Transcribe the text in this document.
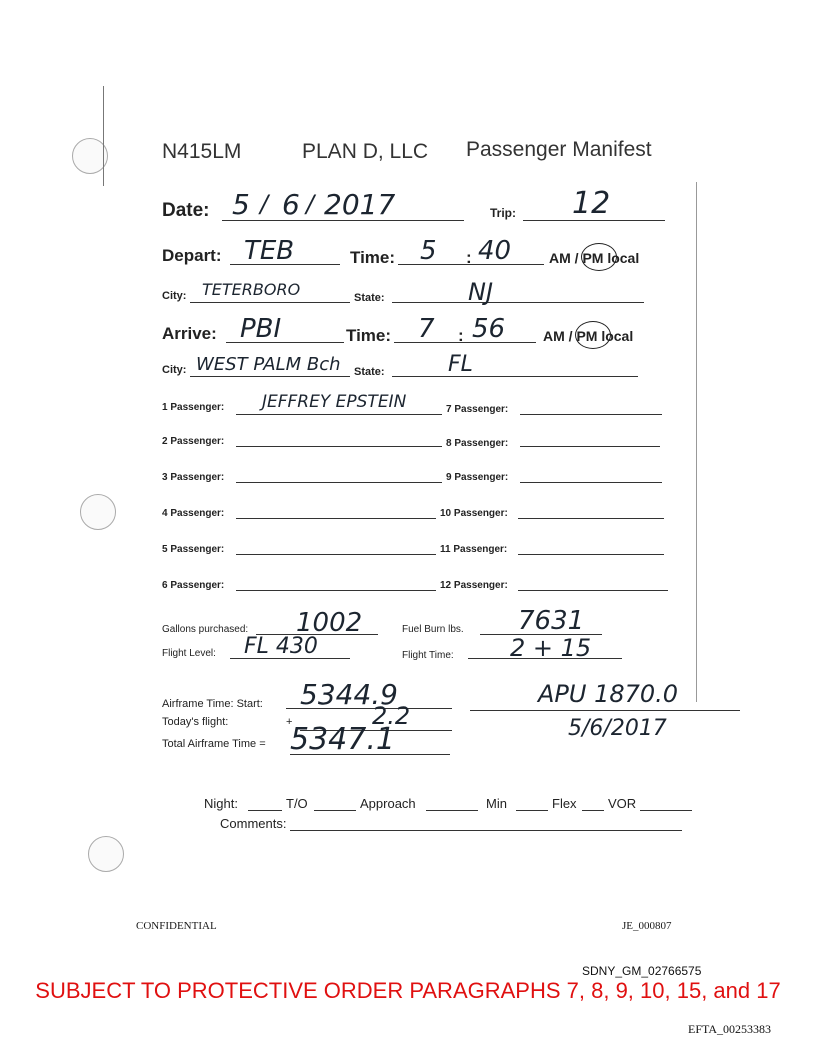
N415LM	PLAN D, LLC Passenger Manifest
Date: 5 / 6 / 2017	Trip: 12
Depart: TEB	Time: 5 : 40	AM / PM local
City: TETERBORO	State:	NJ
Arrive: PBI	Time: 7 : 56	AM / PM local
City: WEST PALM Bch State:	FL
1 Passenger: JEFFREY EPSTEIN	7 Passenger:
2 Passenger:	8 Passenger:
3 Passenger:	9 Passenger:
4 Passenger:	10 Passenger:
5 Passenger:	11 Passenger:
6 Passenger:	12 Passenger:
Gallons purchased: 1002	Fuel Burn lbs. 7631
Flight Level: FL 430	Flight Time: 2 + 15
Airframe Time: Start: 5344.9
Today's flight:	+	2.2
Total Airframe Time = 5347.1
APU 1870.0
5/6/2017
Night:	T/O	Approach	Min	Flex VOR
Comments:
CONFIDENTIAL	JE_000807
SDNY_GM_02766575
SUBJECT TO PROTECTIVE ORDER PARAGRAPHS 7, 8, 9, 10, 15, and 17
EFTA_00253383
